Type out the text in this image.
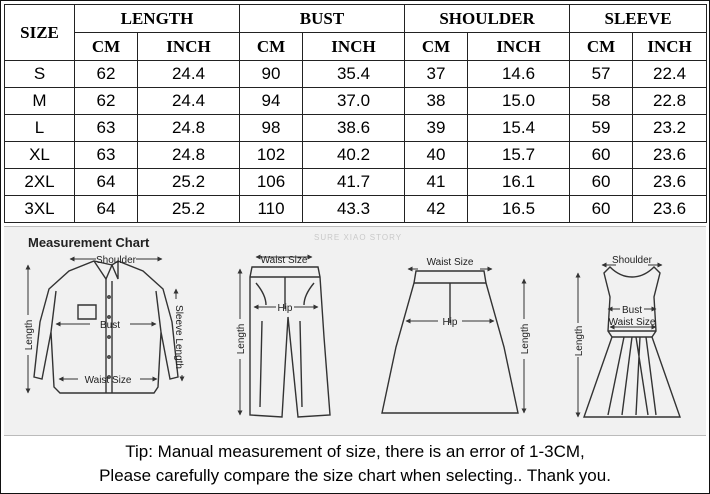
SIZE	LENGTH		BUST		SHOULDER		SLEEVE	
	CM	INCH	CM	INCH	CM	INCH	CM	INCH
S	62	24.4	90	35.4	37	14.6	57	22.4
M	62	24.4	94	37.0	38	15.0	58	22.8
L	63	24.8	98	38.6	39	15.4	59	23.2
XL	63	24.8	102	40.2	40	15.7	60	23.6
2XL	64	25.2	106	41.7	41	16.1	60	23.6
3XL	64	25.2	110	43.3	42	16.5	60	23.6
Measurement Chart	SURE XIAO STORY
Shoulder
Bust
Waist Size
Length	Sleeve Length
Waist Size
Hip
Length
Waist Size
Hip
Length
Shoulder
Bust
Waist Size
Length
Tip: Manual measurement of size, there is an error of 1-3CM,
Please carefully compare the size chart when selecting.. Thank you.
